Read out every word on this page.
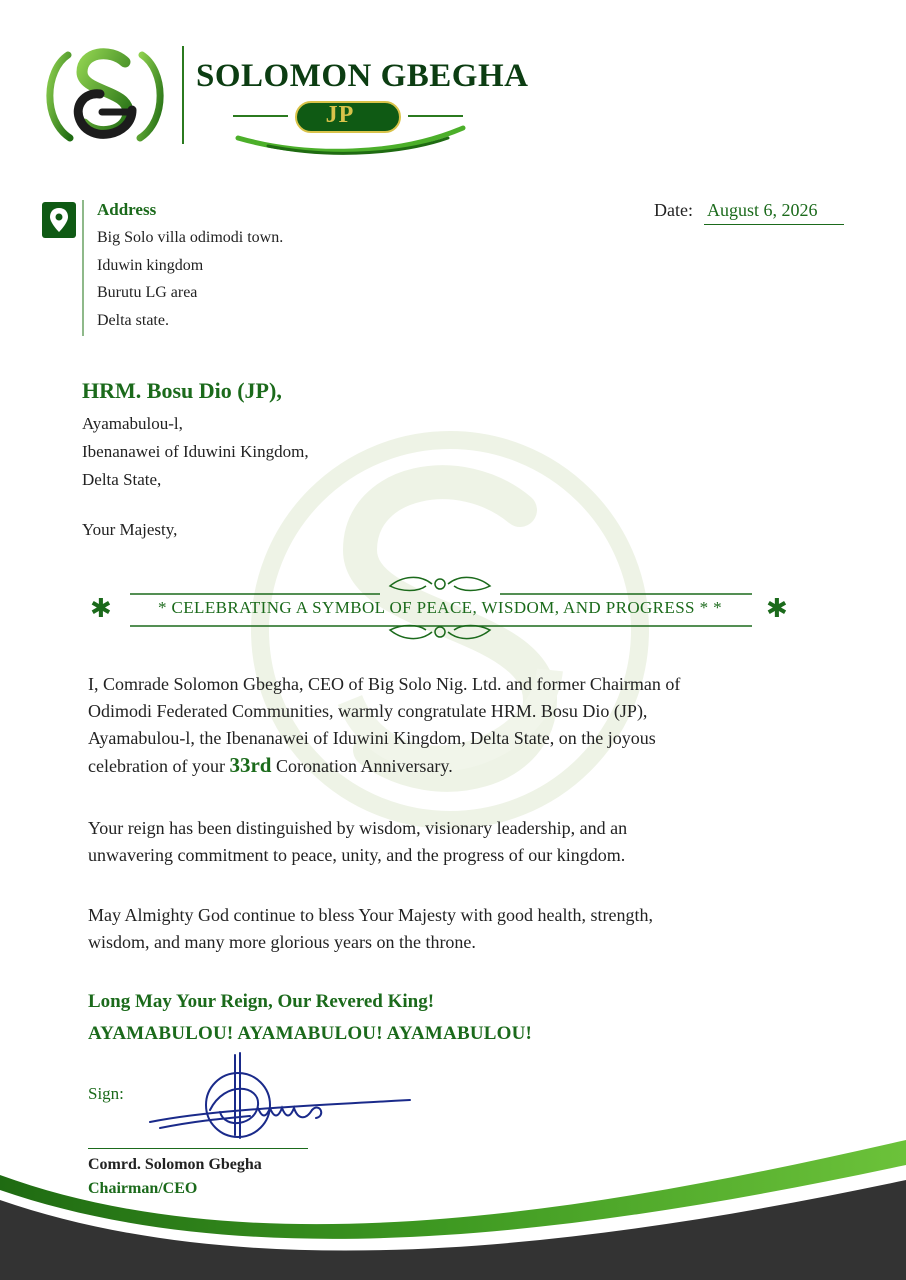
SOLOMON GBEGHA
JP
Address
Big Solo villa odimodi town.
Iduwin kingdom
Burutu LG area
Delta state.
Date: August 6, 2026
HRM. Bosu Dio (JP),
Ayamabulou-l,
Ibenanawei of Iduwini Kingdom,
Delta State,
Your Majesty,
✱	✱
* CELEBRATING A SYMBOL OF PEACE, WISDOM, AND PROGRESS * *
I, Comrade Solomon Gbegha, CEO of Big Solo Nig. Ltd. and former Chairman of
Odimodi Federated Communities, warmly congratulate HRM. Bosu Dio (JP),
Ayamabulou-l, the Ibenanawei of Iduwini Kingdom, Delta State, on the joyous
celebration of your 33rd Coronation Anniversary.
Your reign has been distinguished by wisdom, visionary leadership, and an
unwavering commitment to peace, unity, and the progress of our kingdom.
May Almighty God continue to bless Your Majesty with good health, strength,
wisdom, and many more glorious years on the throne.
Long May Your Reign, Our Revered King!
AYAMABULOU! AYAMABULOU! AYAMABULOU!
Sign:
Comrd. Solomon Gbegha
Chairman/CEO
